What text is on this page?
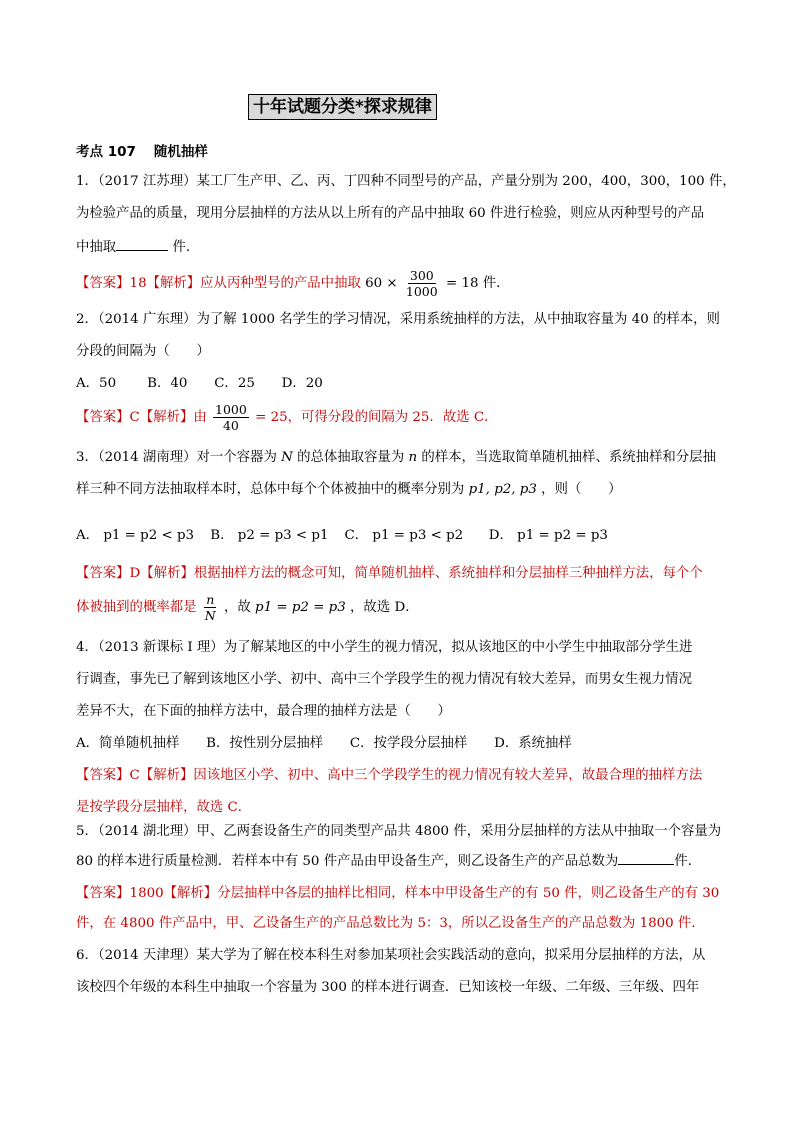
十年试题分类*探求规律
考点 107 随机抽样
1．（2017 江苏理）某工厂生产甲、乙、丙、丁四种不同型号的产品，产量分别为 200，400，300，100 件，
为检验产品的质量，现用分层抽样的方法从以上所有的产品中抽取 60 件进行检验，则应从丙种型号的产品
中抽取	件．
【答案】18【解析】应从丙种型号的产品中抽取 $60 \times \frac{300}{1000} = 18$ 件．
2．（2014 广东理）为了解 1000 名学生的学习情况，采用系统抽样的方法，从中抽取容量为 40 的样本，则
分段的间隔为（　　）
A．50　　 B．40　　C．25　　D．20
【答案】C【解析】由 $\frac{1000}{40} = 25$，可得分段的间隔为 25．故选 C．
3．（2014 湖南理）对一个容器为 N 的总体抽取容量为 n 的样本，当选取简单随机抽样、系统抽样和分层抽
样三种不同方法抽取样本时，总体中每个个体被抽中的概率分别为 p1, p2, p3 ，则（　　）
A． p1 = p2 < p3 B． p2 = p3 < p1 C． p1 = p3 < p2 D． p1 = p2 = p3
【答案】D【解析】根据抽样方法的概念可知，简单随机抽样、系统抽样和分层抽样三种抽样方法，每个个
体被抽到的概率都是 $\frac{n}{N}$ ，故 p1 = p2 = p3 ，故选 D．
4．（2013 新课标 I 理）为了解某地区的中小学生的视力情况，拟从该地区的中小学生中抽取部分学生进
行调查，事先已了解到该地区小学、初中、高中三个学段学生的视力情况有较大差异，而男女生视力情况
差异不大，在下面的抽样方法中，最合理的抽样方法是（　　）
A．简单随机抽样　　B．按性别分层抽样　　C．按学段分层抽样　　D．系统抽样
【答案】C【解析】因该地区小学、初中、高中三个学段学生的视力情况有较大差异，故最合理的抽样方法
是按学段分层抽样，故选 C．
5．（2014 湖北理）甲、乙两套设备生产的同类型产品共 4800 件，采用分层抽样的方法从中抽取一个容量为
80 的样本进行质量检测．若样本中有 50 件产品由甲设备生产，则乙设备生产的产品总数为	件．
【答案】1800【解析】分层抽样中各层的抽样比相同，样本中甲设备生产的有 50 件，则乙设备生产的有 30
件，在 4800 件产品中，甲、乙设备生产的产品总数比为 5：3，所以乙设备生产的产品总数为 1800 件．
6．（2014 天津理）某大学为了解在校本科生对参加某项社会实践活动的意向，拟采用分层抽样的方法，从
该校四个年级的本科生中抽取一个容量为 300 的样本进行调查．已知该校一年级、二年级、三年级、四年
